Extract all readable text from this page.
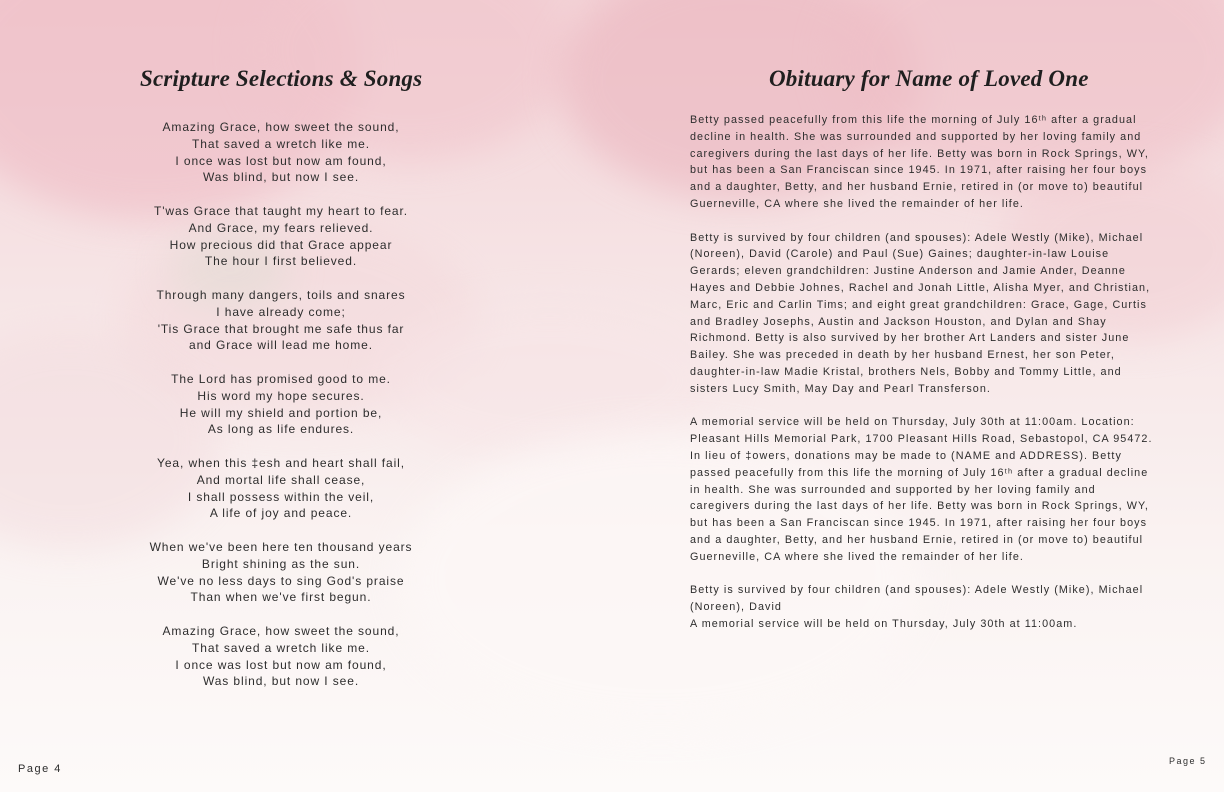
Scripture Selections & Songs
Amazing Grace, how sweet the sound,
That saved a wretch like me.
I once was lost but now am found,
Was blind, but now I see.
T'was Grace that taught my heart to fear.
And Grace, my fears relieved.
How precious did that Grace appear
The hour I first believed.
Through many dangers, toils and snares
I have already come;
'Tis Grace that brought me safe thus far
and Grace will lead me home.
The Lord has promised good to me.
His word my hope secures.
He will my shield and portion be,
As long as life endures.
Yea, when this ‡esh and heart shall fail,
And mortal life shall cease,
I shall possess within the veil,
A life of joy and peace.
When we've been here ten thousand years
Bright shining as the sun.
We've no less days to sing God's praise
Than when we've first begun.
Amazing Grace, how sweet the sound,
That saved a wretch like me.
I once was lost but now am found,
Was blind, but now I see.
Page 4
Obituary for Name of Loved One

Betty passed peacefully from this life the morning of July 16ᵗʰ after a gradual decline in health. She was surrounded and supported by her loving family and caregivers during the last days of her life. Betty was born in Rock Springs, WY, but has been a San Franciscan since 1945. In 1971, after raising her four boys and a daughter, Betty, and her husband Ernie, retired in (or move to) beautiful Guerneville, CA where she lived the remainder of her life.

Betty is survived by four children (and spouses): Adele Westly (Mike), Michael (Noreen), David (Carole) and Paul (Sue) Gaines; daughter-in-law Louise Gerards; eleven grandchildren: Justine Anderson and Jamie Ander, Deanne Hayes and Debbie Johnes, Rachel and Jonah Little, Alisha Myer, and Christian, Marc, Eric and Carlin Tims; and eight great grandchildren: Grace, Gage, Curtis and Bradley Josephs, Austin and Jackson Houston, and Dylan and Shay Richmond. Betty is also survived by her brother Art Landers and sister June Bailey. She was preceded in death by her husband Ernest, her son Peter, daughter-in-law Madie Kristal, brothers Nels, Bobby and Tommy Little, and sisters Lucy Smith, May Day and Pearl Transferson.

A memorial service will be held on Thursday, July 30th at 11:00am. Location: Pleasant Hills Memorial Park, 1700 Pleasant Hills Road, Sebastopol, CA 95472. In lieu of ‡owers, donations may be made to (NAME and ADDRESS). Betty passed peacefully from this life the morning of July 16ᵗʰ after a gradual decline in health. She was surrounded and supported by her loving family and caregivers during the last days of her life. Betty was born in Rock Springs, WY, but has been a San Franciscan since 1945. In 1971, after raising her four boys and a daughter, Betty, and her husband Ernie, retired in (or move to) beautiful Guerneville, CA where she lived the remainder of her life.

Betty is survived by four children (and spouses): Adele Westly (Mike), Michael (Noreen), David

A memorial service will be held on Thursday, July 30th at 11:00am.

Page 5
